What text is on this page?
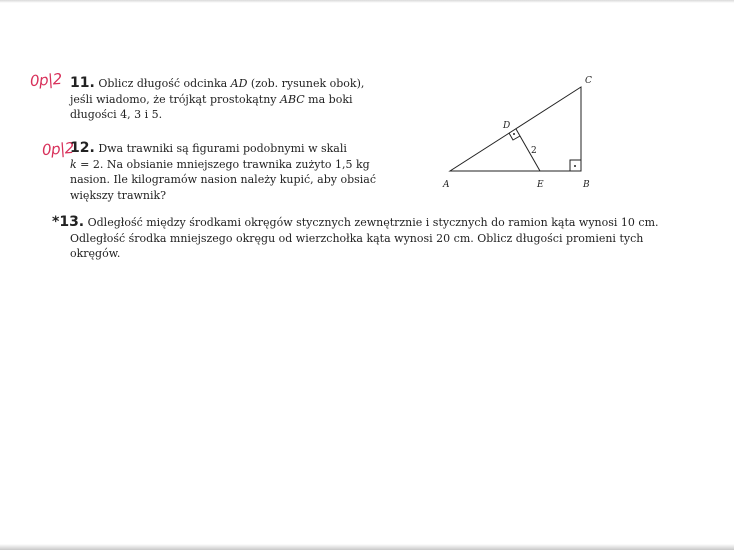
0p|2
0p|2
11. Oblicz długość odcinka AD (zob. rysunek obok),
jeśli wiadomo, że trójkąt prostokątny ABC ma boki
długości 4, 3 i 5.
12. Dwa trawniki są figurami podobnymi w skali
k = 2. Na obsianie mniejszego trawnika zużyto 1,5 kg
nasion. Ile kilogramów nasion należy kupić, aby obsiać
większy trawnik?
*13. Odległość między środkami okręgów stycznych zewnętrznie i stycznych do ramion kąta wynosi 10 cm.
Odległość środka mniejszego okręgu od wierzchołka kąta wynosi 20 cm. Oblicz długości promieni tych
okręgów.
A	B
C
D
E
2
